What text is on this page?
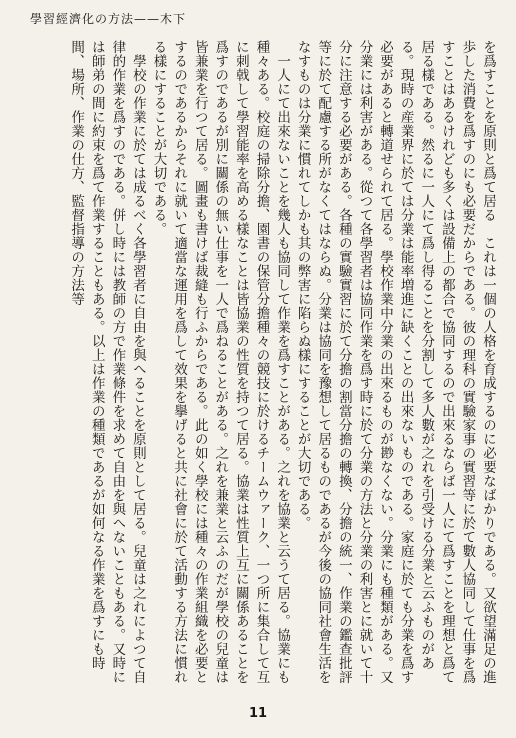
學習經濟化の方法——木下

を爲すことを原則と爲て居る　これは一個の人格を育成するのに必要なばかりである。又欲望滿足の進歩した消費を爲すのにも必要だからである。彼の理科の實驗家事の實習等に於て數人協同して仕事を爲すことはあるけれども多くは設備上の都合で協同するので出來るならば一人にて爲すことを理想と爲て居る樣である。然るに一人にて爲し得ることを分割して多人數が之れを引受ける分業と云ふものがある。現時の産業界に於ては分業は能率増進に缺くことの出來ないものである。家庭に於ても分業を爲す必要があると轉道せられて居る。學校作業中分業の出來るものが尠なくない。分業にも種類がある。又分業には利害がある。從つて各學習者は協同作業を爲す時に於て分業の方法と分業の利害とに就いて十分に注意する必要がある。各種の實驗實習に於て分擔の割當分擔の轉換、分擔の統一、作業の鑑查批評等に於て配慮する所がなくてはならぬ。分業は協同を豫想して居るものであるが今後の協同社會生活をなすものは分業に慣れてしかも其の弊害に陷らぬ樣にすることが大切である。

一人にて出來ないことを幾人も協同して作業を爲すことがある。之れを協業と云うて居る。協業にも種々ある。校庭の掃除分擔、園書の保管分擔種々の競技に於けるチームウァーク、一つ所に集合して互に刺戟して學習能率を高める樣なことは皆協業の性質を持つて居る。協業は性質上互に關係あることを爲すのであるが別に關係の無い仕事を一人で爲ねることがある。之れを兼業と云ふのだが學校の兒童は皆兼業を行つて居る。圖畫も書けば裁縫も行ふからである。此の如く學校には種々の作業組織を必要とするのであるからそれに就いて適當な運用を爲して效果を擧げると共に社會に於て活動する方法に慣れる樣にすることが大切である。

學校の作業に於ては成るべく各學習者に自由を與へることを原則として居る。兒童は之れによつて自律的作業を爲すのである。併し時には教師の方で作業條件を求めて自由を與へないこともある。又時には師弟の間に約束を爲て作業することもある。以上は作業の種類であるが如何なる作業を爲すにも時間、場所、作業の仕方、監督指導の方法等

11
